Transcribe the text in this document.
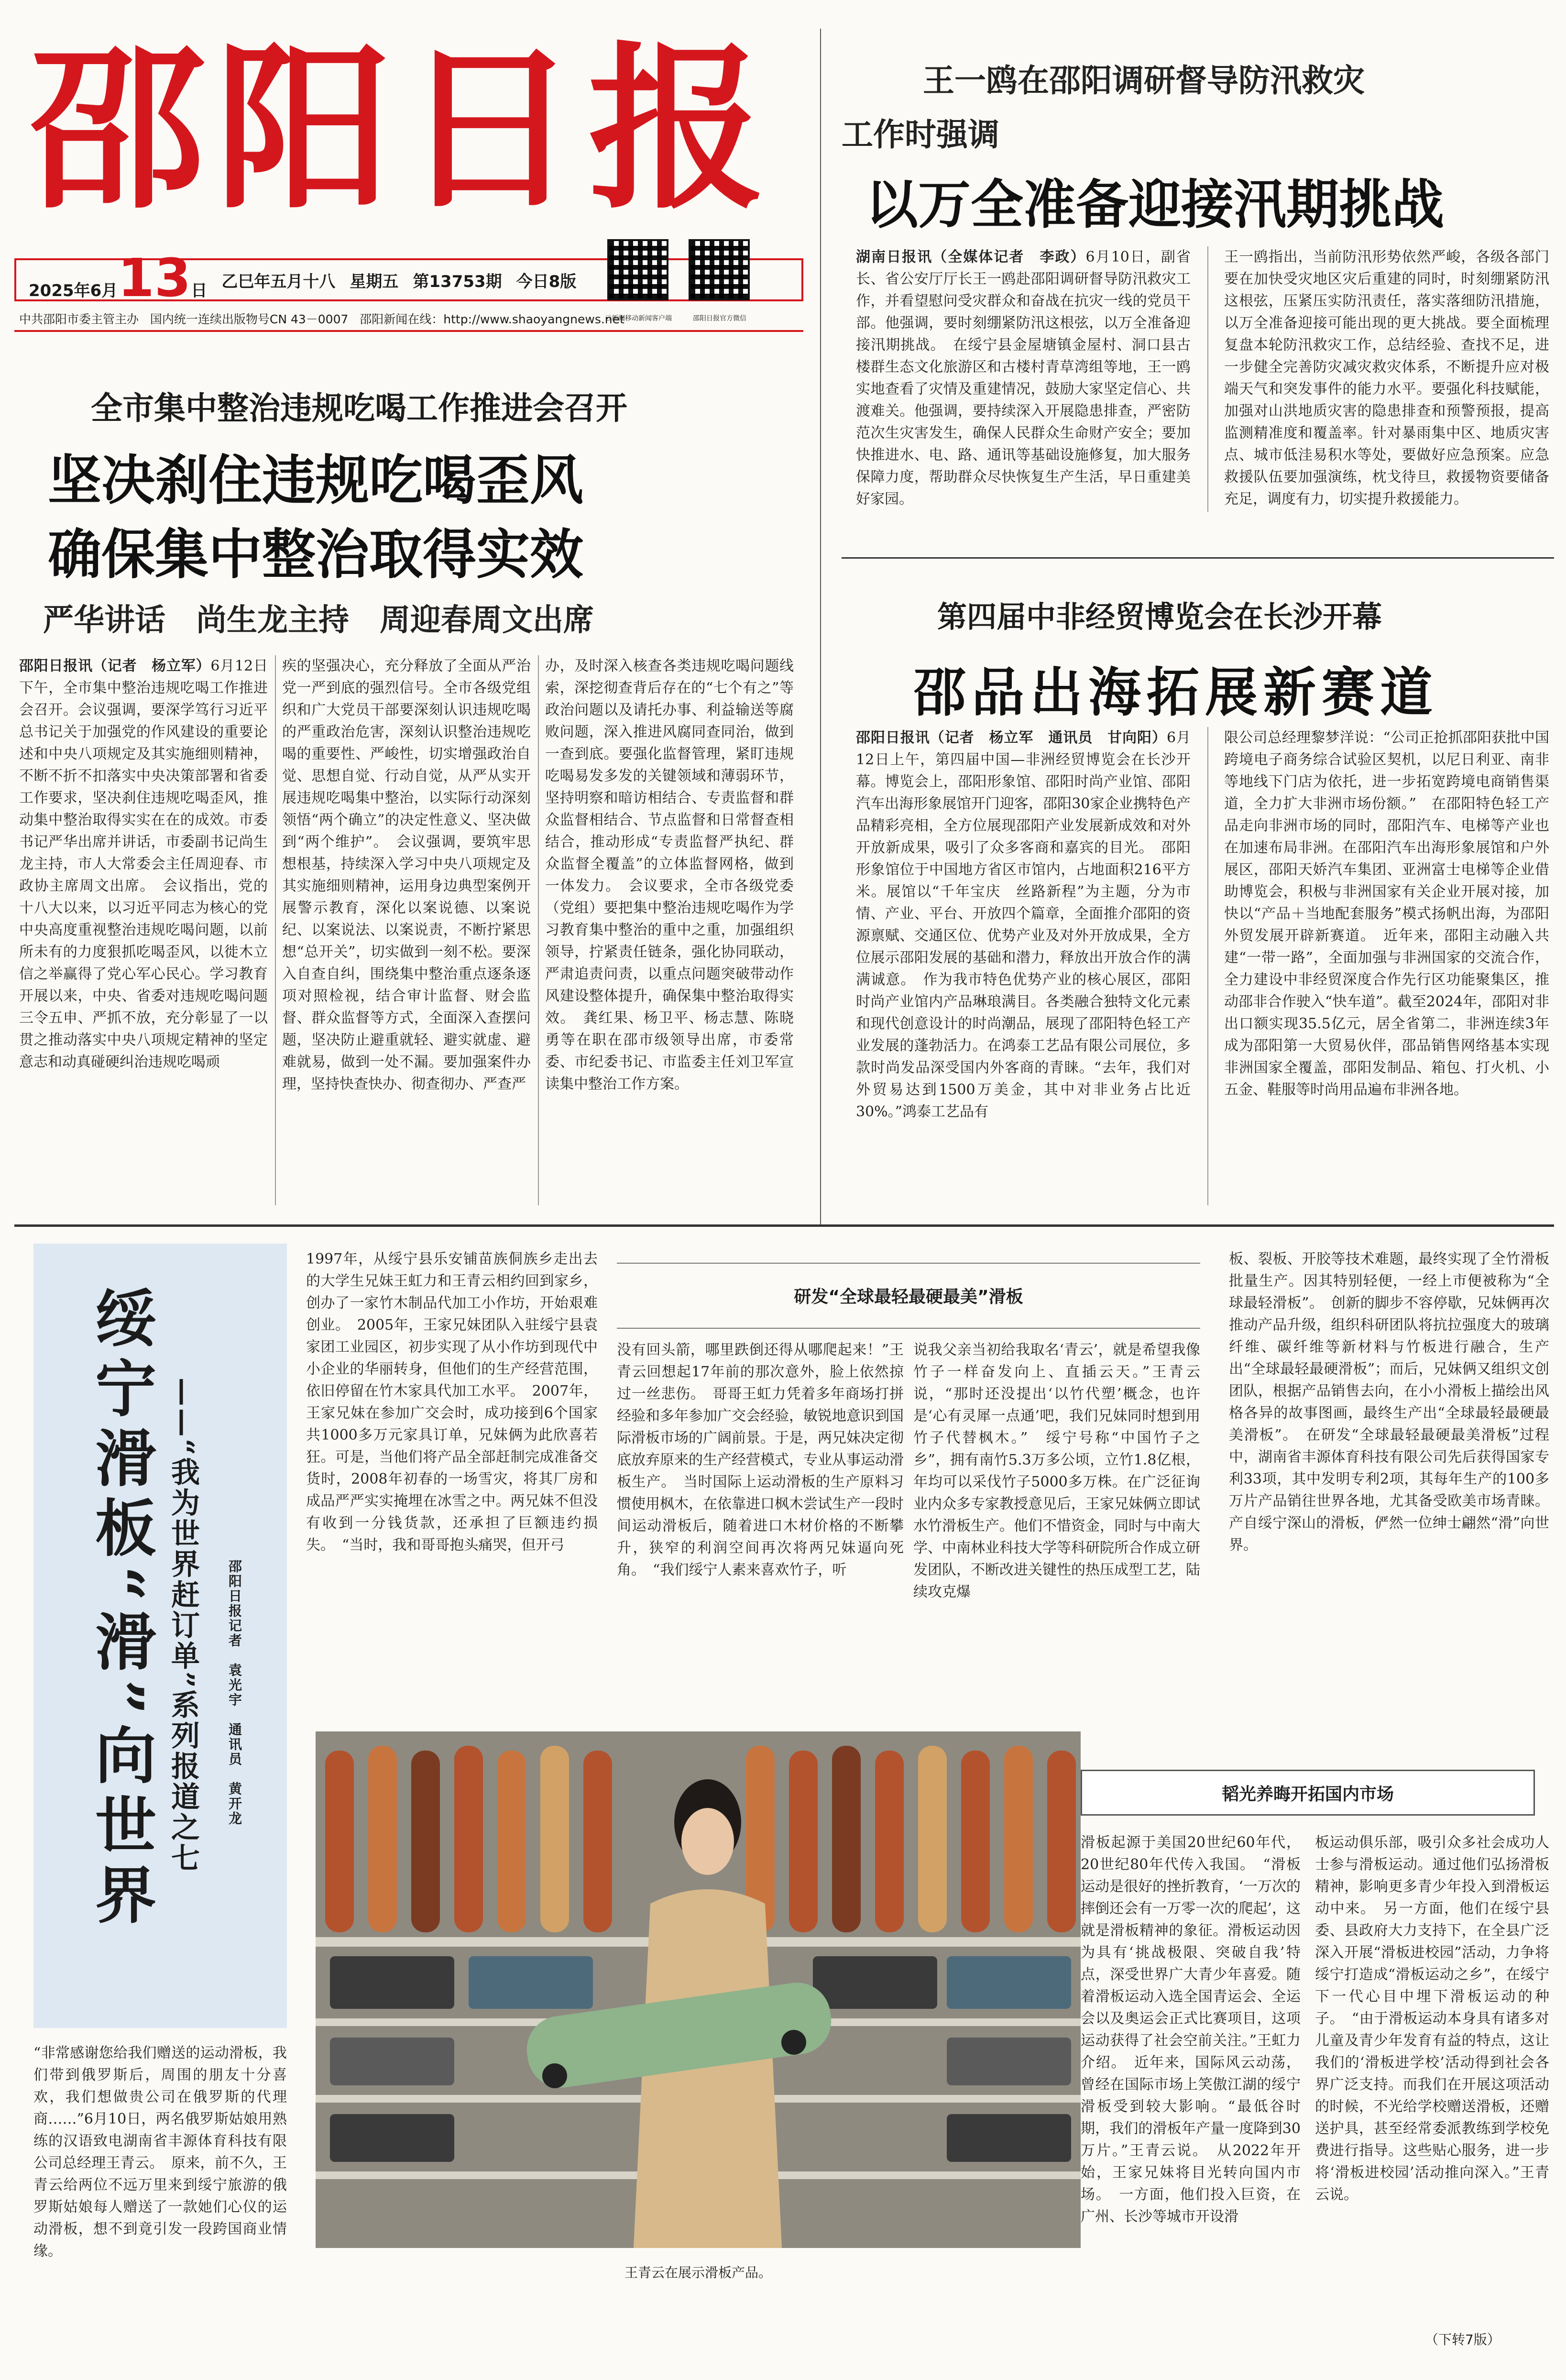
邵阳日报
2025年6月13日 乙巳年五月十八 星期五 第13753期 今日8版
中共邵阳市委主管主办 国内统一连续出版物号CN 43－0007 邵阳新闻在线：http://www.shaoyangnews.net
云新闻移动新闻客户端	邵阳日报官方微信
王一鸥在邵阳调研督导防汛救灾
工作时强调
以万全准备迎接汛期挑战
湖南日报讯（全媒体记者　李政）6月10日，副省长、省公安厅厅长王一鸥赴邵阳调研督导防汛救灾工作，并看望慰问受灾群众和奋战在抗灾一线的党员干部。他强调，要时刻绷紧防汛这根弦，以万全准备迎接汛期挑战。　在绥宁县金屋塘镇金屋村、洞口县古楼群生态文化旅游区和古楼村青草湾组等地，王一鸥实地查看了灾情及重建情况，鼓励大家坚定信心、共渡难关。他强调，要持续深入开展隐患排查，严密防范次生灾害发生，确保人民群众生命财产安全；要加快推进水、电、路、通讯等基础设施修复，加大服务保障力度，帮助群众尽快恢复生产生活，早日重建美好家园。
王一鸥指出，当前防汛形势依然严峻，各级各部门要在加快受灾地区灾后重建的同时，时刻绷紧防汛这根弦，压紧压实防汛责任，落实落细防汛措施，以万全准备迎接可能出现的更大挑战。要全面梳理复盘本轮防汛救灾工作，总结经验、查找不足，进一步健全完善防灾减灾救灾体系，不断提升应对极端天气和突发事件的能力水平。要强化科技赋能，加强对山洪地质灾害的隐患排查和预警预报，提高监测精准度和覆盖率。针对暴雨集中区、地质灾害点、城市低洼易积水等处，要做好应急预案。应急救援队伍要加强演练，枕戈待旦，救援物资要储备充足，调度有力，切实提升救援能力。
全市集中整治违规吃喝工作推进会召开
坚决刹住违规吃喝歪风
确保集中整治取得实效
严华讲话　尚生龙主持　周迎春周文出席
邵阳日报讯（记者　杨立军）6月12日下午，全市集中整治违规吃喝工作推进会召开。会议强调，要深学笃行习近平总书记关于加强党的作风建设的重要论述和中央八项规定及其实施细则精神，不断不折不扣落实中央决策部署和省委工作要求，坚决刹住违规吃喝歪风，推动集中整治取得实实在在的成效。市委书记严华出席并讲话，市委副书记尚生龙主持，市人大常委会主任周迎春、市政协主席周文出席。　会议指出，党的十八大以来，以习近平同志为核心的党中央高度重视整治违规吃喝问题，以前所未有的力度狠抓吃喝歪风，以徙木立信之举赢得了党心军心民心。学习教育开展以来，中央、省委对违规吃喝问题三令五申、严抓不放，充分彰显了一以贯之推动落实中央八项规定精神的坚定意志和动真碰硬纠治违规吃喝顽
疾的坚强决心，充分释放了全面从严治党一严到底的强烈信号。全市各级党组织和广大党员干部要深刻认识违规吃喝的严重政治危害，深刻认识整治违规吃喝的重要性、严峻性，切实增强政治自觉、思想自觉、行动自觉，从严从实开展违规吃喝集中整治，以实际行动深刻领悟“两个确立”的决定性意义、坚决做到“两个维护”。　会议强调，要筑牢思想根基，持续深入学习中央八项规定及其实施细则精神，运用身边典型案例开展警示教育，深化以案说德、以案说纪、以案说法、以案说责，不断拧紧思想“总开关”，切实做到一刻不松。要深入自查自纠，围绕集中整治重点逐条逐项对照检视，结合审计监督、财会监督、群众监督等方式，全面深入查摆问题，坚决防止避重就轻、避实就虚、避难就易，做到一处不漏。要加强案件办理，坚持快查快办、彻查彻办、严查严
办，及时深入核查各类违规吃喝问题线索，深挖彻查背后存在的“七个有之”等政治问题以及请托办事、利益输送等腐败问题，深入推进风腐同查同治，做到一查到底。要强化监督管理，紧盯违规吃喝易发多发的关键领域和薄弱环节，坚持明察和暗访相结合、专责监督和群众监督相结合、节点监督和日常督查相结合，推动形成“专责监督严执纪、群众监督全覆盖”的立体监督网格，做到一体发力。　会议要求，全市各级党委（党组）要把集中整治违规吃喝作为学习教育集中整治的重中之重，加强组织领导，拧紧责任链条，强化协同联动，严肃追责问责，以重点问题突破带动作风建设整体提升，确保集中整治取得实效。　龚红果、杨卫平、杨志慧、陈晓勇等在职在邵市级领导出席，市委常委、市纪委书记、市监委主任刘卫军宣读集中整治工作方案。
第四届中非经贸博览会在长沙开幕
邵品出海拓展新赛道
邵阳日报讯（记者　杨立军　通讯员　甘向阳）6月12日上午，第四届中国—非洲经贸博览会在长沙开幕。博览会上，邵阳形象馆、邵阳时尚产业馆、邵阳汽车出海形象展馆开门迎客，邵阳30家企业携特色产品精彩亮相，全方位展现邵阳产业发展新成效和对外开放新成果，吸引了众多客商和嘉宾的目光。　邵阳形象馆位于中国地方省区市馆内，占地面积216平方米。展馆以“千年宝庆　丝路新程”为主题，分为市情、产业、平台、开放四个篇章，全面推介邵阳的资源禀赋、交通区位、优势产业及对外开放成果，全方位展示邵阳发展的基础和潜力，释放出开放合作的满满诚意。　作为我市特色优势产业的核心展区，邵阳时尚产业馆内产品琳琅满目。各类融合独特文化元素和现代创意设计的时尚潮品，展现了邵阳特色轻工产业发展的蓬勃活力。在鸿泰工艺品有限公司展位，多款时尚发品深受国内外客商的青睐。“去年，我们对外贸易达到1500万美金，其中对非业务占比近30%。”鸿泰工艺品有
限公司总经理黎梦洋说：“公司正抢抓邵阳获批中国跨境电子商务综合试验区契机，以尼日利亚、南非等地线下门店为依托，进一步拓宽跨境电商销售渠道，全力扩大非洲市场份额。”　在邵阳特色轻工产品走向非洲市场的同时，邵阳汽车、电梯等产业也在加速布局非洲。在邵阳汽车出海形象展馆和户外展区，邵阳天娇汽车集团、亚洲富士电梯等企业借助博览会，积极与非洲国家有关企业开展对接，加快以“产品＋当地配套服务”模式扬帆出海，为邵阳外贸发展开辟新赛道。　近年来，邵阳主动融入共建“一带一路”，全面加强与非洲国家的交流合作，全力建设中非经贸深度合作先行区功能聚集区，推动邵非合作驶入“快车道”。截至2024年，邵阳对非出口额实现35.5亿元，居全省第二，非洲连续3年成为邵阳第一大贸易伙伴，邵品销售网络基本实现非洲国家全覆盖，邵阳发制品、箱包、打火机、小五金、鞋服等时尚用品遍布非洲各地。
绥宁滑板“滑”向世界 ——“我为世界赶订单”系列报道之七 邵阳日报记者　袁光宇　通讯员　黄开龙
“非常感谢您给我们赠送的运动滑板，我们带到俄罗斯后，周围的朋友十分喜欢，我们想做贵公司在俄罗斯的代理商……”6月10日，两名俄罗斯姑娘用熟练的汉语致电湖南省丰源体育科技有限公司总经理王青云。　原来，前不久，王青云给两位不远万里来到绥宁旅游的俄罗斯姑娘每人赠送了一款她们心仪的运动滑板，想不到竟引发一段跨国商业情缘。
1997年，从绥宁县乐安铺苗族侗族乡走出去的大学生兄妹王虹力和王青云相约回到家乡，创办了一家竹木制品代加工小作坊，开始艰难创业。　2005年，王家兄妹团队入驻绥宁县袁家团工业园区，初步实现了从小作坊到现代中小企业的华丽转身，但他们的生产经营范围，依旧停留在竹木家具代加工水平。　2007年，王家兄妹在参加广交会时，成功接到6个国家共1000多万元家具订单，兄妹俩为此欣喜若狂。可是，当他们将产品全部赶制完成准备交货时，2008年初春的一场雪灾，将其厂房和成品严严实实掩埋在冰雪之中。两兄妹不但没有收到一分钱货款，还承担了巨额违约损失。　“当时，我和哥哥抱头痛哭，但开弓
研发“全球最轻最硬最美”滑板
没有回头箭，哪里跌倒还得从哪爬起来！”王青云回想起17年前的那次意外，脸上依然掠过一丝悲伤。　哥哥王虹力凭着多年商场打拼经验和多年参加广交会经验，敏锐地意识到国际滑板市场的广阔前景。于是，两兄妹决定彻底放弃原来的生产经营模式，专业从事运动滑板生产。　当时国际上运动滑板的生产原料习惯使用枫木，在依靠进口枫木尝试生产一段时间运动滑板后，随着进口木材价格的不断攀升，狭窄的利润空间再次将两兄妹逼向死角。　“我们绥宁人素来喜欢竹子，听
说我父亲当初给我取名‘青云’，就是希望我像竹子一样奋发向上、直插云天。”王青云说，“那时还没提出‘以竹代塑’概念，也许是‘心有灵犀一点通’吧，我们兄妹同时想到用竹子代替枫木。”　绥宁号称“中国竹子之乡”，拥有南竹5.3万多公顷，立竹1.8亿根，年均可以采伐竹子5000多万株。在广泛征询业内众多专家教授意见后，王家兄妹俩立即试水竹滑板生产。他们不惜资金，同时与中南大学、中南林业科技大学等科研院所合作成立研发团队，不断改进关键性的热压成型工艺，陆续攻克爆
板、裂板、开胶等技术难题，最终实现了全竹滑板批量生产。因其特别轻便，一经上市便被称为“全球最轻滑板”。　创新的脚步不容停歇，兄妹俩再次推动产品升级，组织科研团队将抗拉强度大的玻璃纤维、碳纤维等新材料与竹板进行融合，生产出“全球最轻最硬滑板”；而后，兄妹俩又组织文创团队，根据产品销售去向，在小小滑板上描绘出风格各异的故事图画，最终生产出“全球最轻最硬最美滑板”。　在研发“全球最轻最硬最美滑板”过程中，湖南省丰源体育科技有限公司先后获得国家专利33项，其中发明专利2项，其每年生产的100多万片产品销往世界各地，尤其备受欧美市场青睐。产自绥宁深山的滑板，俨然一位绅士翩然“滑”向世界。
韬光养晦开拓国内市场
滑板起源于美国20世纪60年代，20世纪80年代传入我国。　“滑板运动是很好的挫折教育，‘一万次的摔倒还会有一万零一次的爬起’，这就是滑板精神的象征。滑板运动因为具有‘挑战极限、突破自我’特点，深受世界广大青少年喜爱。随着滑板运动入选全国青运会、全运会以及奥运会正式比赛项目，这项运动获得了社会空前关注。”王虹力介绍。　近年来，国际风云动荡，曾经在国际市场上笑傲江湖的绥宁滑板受到较大影响。“最低谷时期，我们的滑板年产量一度降到30万片。”王青云说。　从2022年开始，王家兄妹将目光转向国内市场。　一方面，他们投入巨资，在广州、长沙等城市开设滑
板运动俱乐部，吸引众多社会成功人士参与滑板运动。通过他们弘扬滑板精神，影响更多青少年投入到滑板运动中来。　另一方面，他们在绥宁县委、县政府大力支持下，在全县广泛深入开展“滑板进校园”活动，力争将绥宁打造成“滑板运动之乡”，在绥宁下一代心目中埋下滑板运动的种子。　“由于滑板运动本身具有诸多对儿童及青少年发育有益的特点，这让我们的‘滑板进学校’活动得到社会各界广泛支持。而我们在开展这项活动的时候，不光给学校赠送滑板，还赠送护具，甚至经常委派教练到学校免费进行指导。这些贴心服务，进一步将‘滑板进校园’活动推向深入。”王青云说。
（下转7版）
王青云在展示滑板产品。
